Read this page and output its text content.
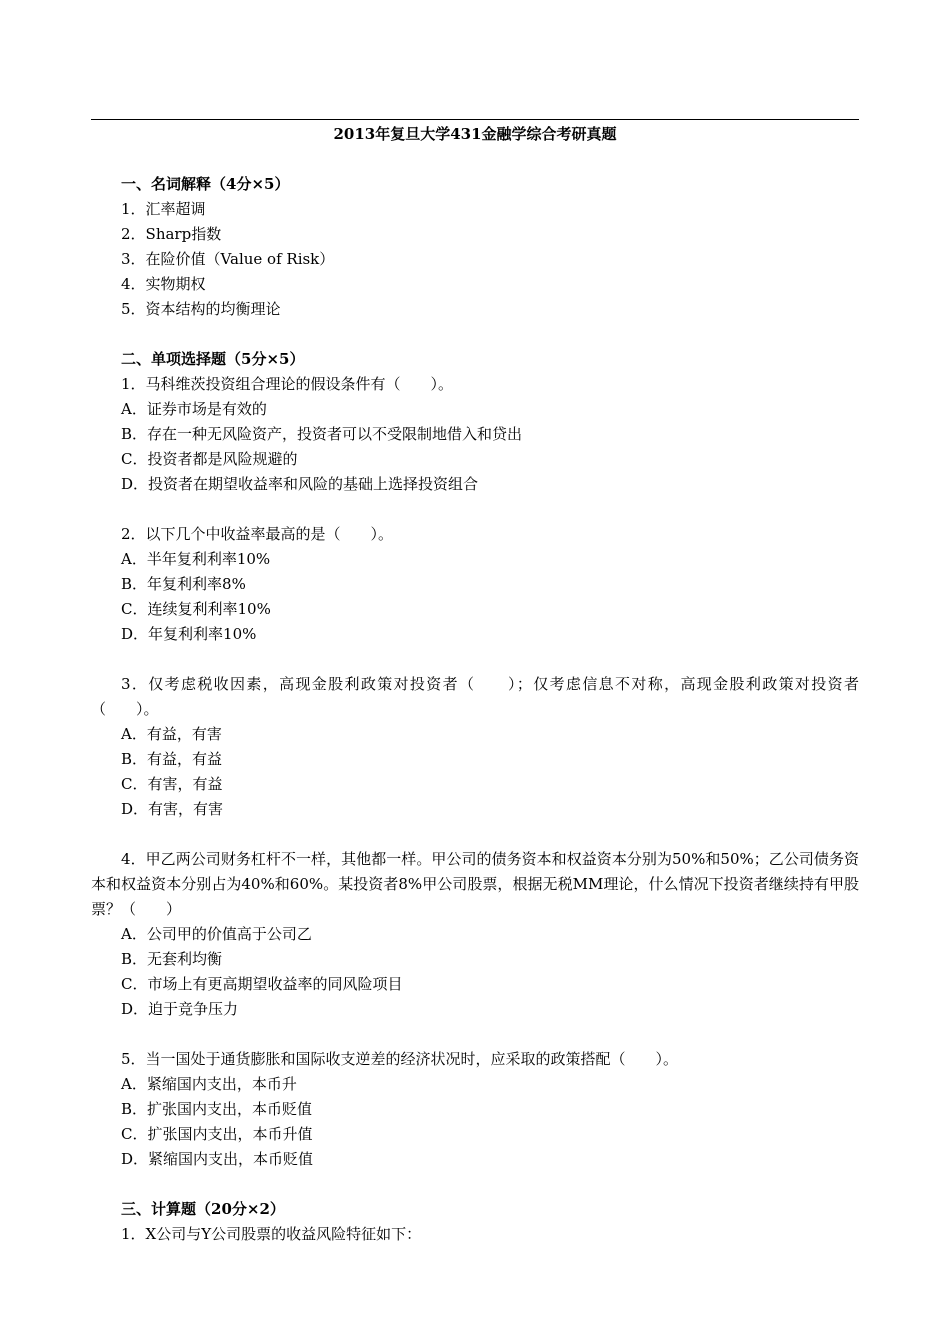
2013年复旦大学431金融学综合考研真题
一、名词解释（4分×5）
1．汇率超调
2．Sharp指数
3．在险价值（Value of Risk）
4．实物期权
5．资本结构的均衡理论
二、单项选择题（5分×5）
1．马科维茨投资组合理论的假设条件有（　　）。
A．证券市场是有效的
B．存在一种无风险资产，投资者可以不受限制地借入和贷出
C．投资者都是风险规避的
D．投资者在期望收益率和风险的基础上选择投资组合
2．以下几个中收益率最高的是（　　）。
A．半年复利利率10%
B．年复利利率8%
C．连续复利利率10%
D．年复利利率10%
3．仅考虑税收因素，高现金股利政策对投资者（　　）；仅考虑信息不对称，高现金股利政策对投资者（　　）。
A．有益，有害
B．有益，有益
C．有害，有益
D．有害，有害
4．甲乙两公司财务杠杆不一样，其他都一样。甲公司的债务资本和权益资本分别为50%和50%；乙公司债务资本和权益资本分别占为40%和60%。某投资者8%甲公司股票，根据无税MM理论，什么情况下投资者继续持有甲股票？（　　）
A．公司甲的价值高于公司乙
B．无套利均衡
C．市场上有更高期望收益率的同风险项目
D．迫于竞争压力
5．当一国处于通货膨胀和国际收支逆差的经济状况时，应采取的政策搭配（　　）。
A．紧缩国内支出，本币升
B．扩张国内支出，本币贬值
C．扩张国内支出，本币升值
D．紧缩国内支出，本币贬值
三、计算题（20分×2）
1．X公司与Y公司股票的收益风险特征如下：
